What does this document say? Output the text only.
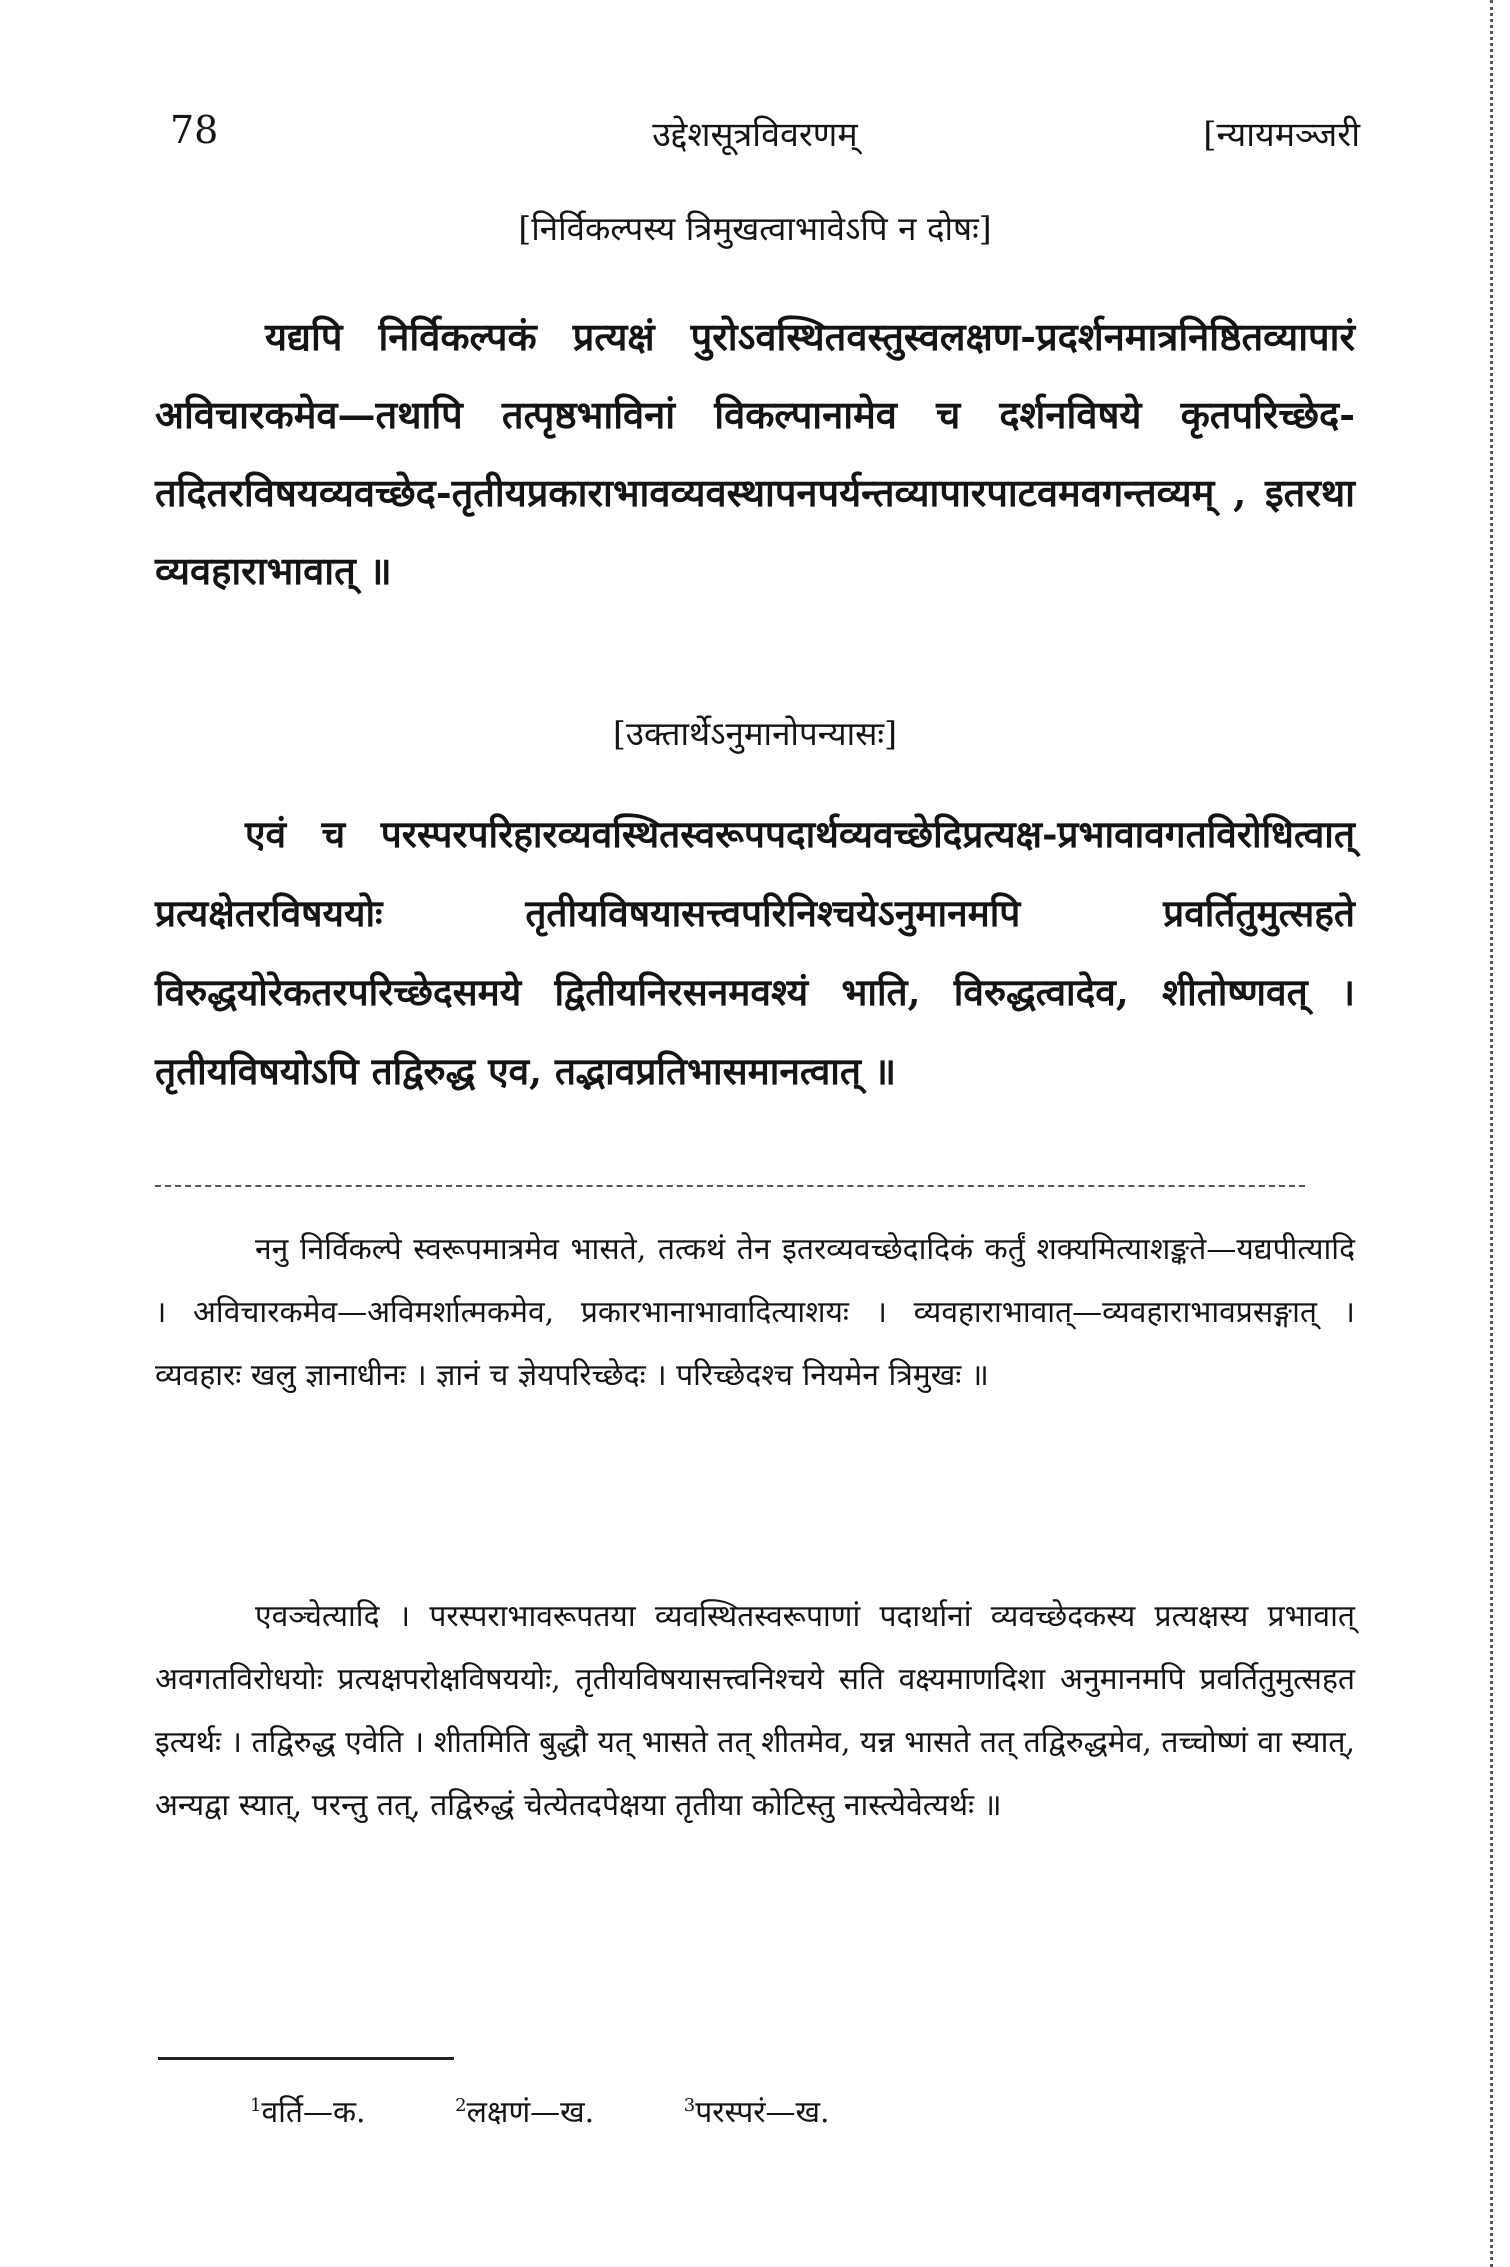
78	उद्देशसूत्रविवरणम्	[न्यायमञ्जरी
[निर्विकल्पस्य त्रिमुखत्वाभावेऽपि न दोषः]

यद्यपि निर्विकल्पकं प्रत्यक्षं पुरोऽवस्थितवस्तुस्वलक्षण-प्रदर्शनमात्रनिष्ठितव्यापारं अविचारकमेव—तथापि तत्पृष्ठभाविनां विकल्पानामेव च दर्शनविषये कृतपरिच्छेद-तदितरविषयव्यवच्छेद-तृतीयप्रकाराभावव्यवस्थापनपर्यन्तव्यापारपाटवमवगन्तव्यम् , इतरथा व्यवहाराभावात् ॥

[उक्तार्थेऽनुमानोपन्यासः]

एवं च परस्परपरिहारव्यवस्थितस्वरूपपदार्थव्यवच्छेदिप्रत्यक्ष-प्रभावावगतविरोधित्वात् प्रत्यक्षेतरविषययोः तृतीयविषयासत्त्वपरिनिश्चयेऽनुमानमपि प्रवर्तितुमुत्सहते विरुद्धयोरेकतरपरिच्छेदसमये द्वितीयनिरसनमवश्यं भाति, विरुद्धत्वादेव, शीतोष्णवत् । तृतीयविषयोऽपि तद्विरुद्ध एव, तद्भावप्रतिभासमानत्वात् ॥

ननु निर्विकल्पे स्वरूपमात्रमेव भासते, तत्कथं तेन इतरव्यवच्छेदादिकं कर्तुं शक्यमित्याशङ्कते—यद्यपीत्यादि । अविचारकमेव—अविमर्शात्मकमेव, प्रकारभानाभावादित्याशयः । व्यवहाराभावात्—व्यवहाराभावप्रसङ्गात् । व्यवहारः खलु ज्ञानाधीनः । ज्ञानं च ज्ञेयपरिच्छेदः । परिच्छेदश्च नियमेन त्रिमुखः ॥

एवञ्चेत्यादि । परस्पराभावरूपतया व्यवस्थितस्वरूपाणां पदार्थानां व्यवच्छेदकस्य प्रत्यक्षस्य प्रभावात् अवगतविरोधयोः प्रत्यक्षपरोक्षविषययोः, तृतीयविषयासत्त्वनिश्चये सति वक्ष्यमाणदिशा अनुमानमपि प्रवर्तितुमुत्सहत इत्यर्थः । तद्विरुद्ध एवेति । शीतमिति बुद्धौ यत् भासते तत् शीतमेव, यन्न भासते तत् तद्विरुद्धमेव, तच्चोष्णं वा स्यात्, अन्यद्वा स्यात्, परन्तु तत्, तद्विरुद्धं चेत्येतदपेक्षया तृतीया कोटिस्तु नास्त्येवेत्यर्थः ॥

$^1$वर्ति—क.	$^2$लक्षणं—ख.	$^3$परस्परं—ख.
